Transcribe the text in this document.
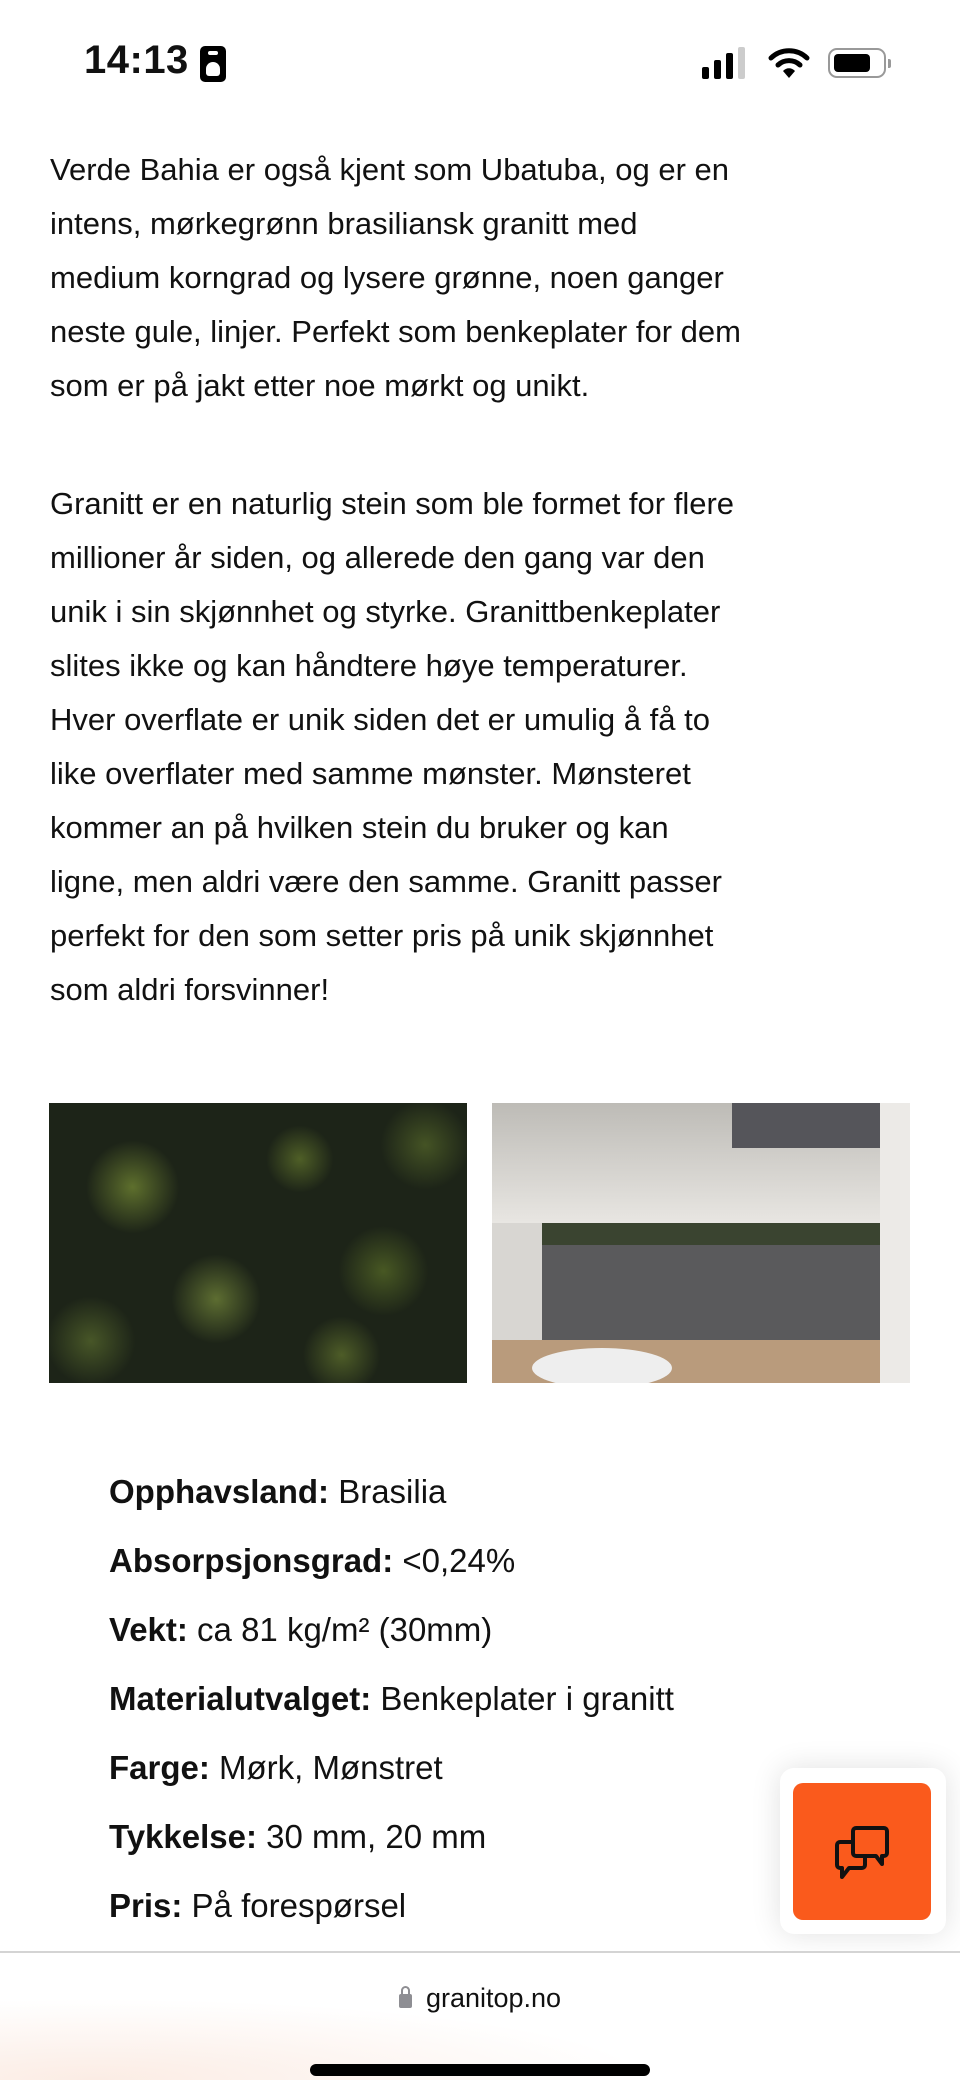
14:13
Verde Bahia er også kjent som Ubatuba, og er en
intens, mørkegrønn brasiliansk granitt med
medium korngrad og lysere grønne, noen ganger
neste gule, linjer. Perfekt som benkeplater for dem
som er på jakt etter noe mørkt og unikt.
Granitt er en naturlig stein som ble formet for flere
millioner år siden, og allerede den gang var den
unik i sin skjønnhet og styrke. Granittbenkeplater
slites ikke og kan håndtere høye temperaturer.
Hver overflate er unik siden det er umulig å få to
like overflater med samme mønster. Mønsteret
kommer an på hvilken stein du bruker og kan
ligne, men aldri være den samme. Granitt passer
perfekt for den som setter pris på unik skjønnhet
som aldri forsvinner!
Opphavsland: Brasilia
Absorpsjonsgrad: <0,24%
Vekt: ca 81 kg/m² (30mm)
Materialutvalget: Benkeplater i granitt
Farge: Mørk, Mønstret
Tykkelse: 30 mm, 20 mm
Pris: På forespørsel
granitop.no
